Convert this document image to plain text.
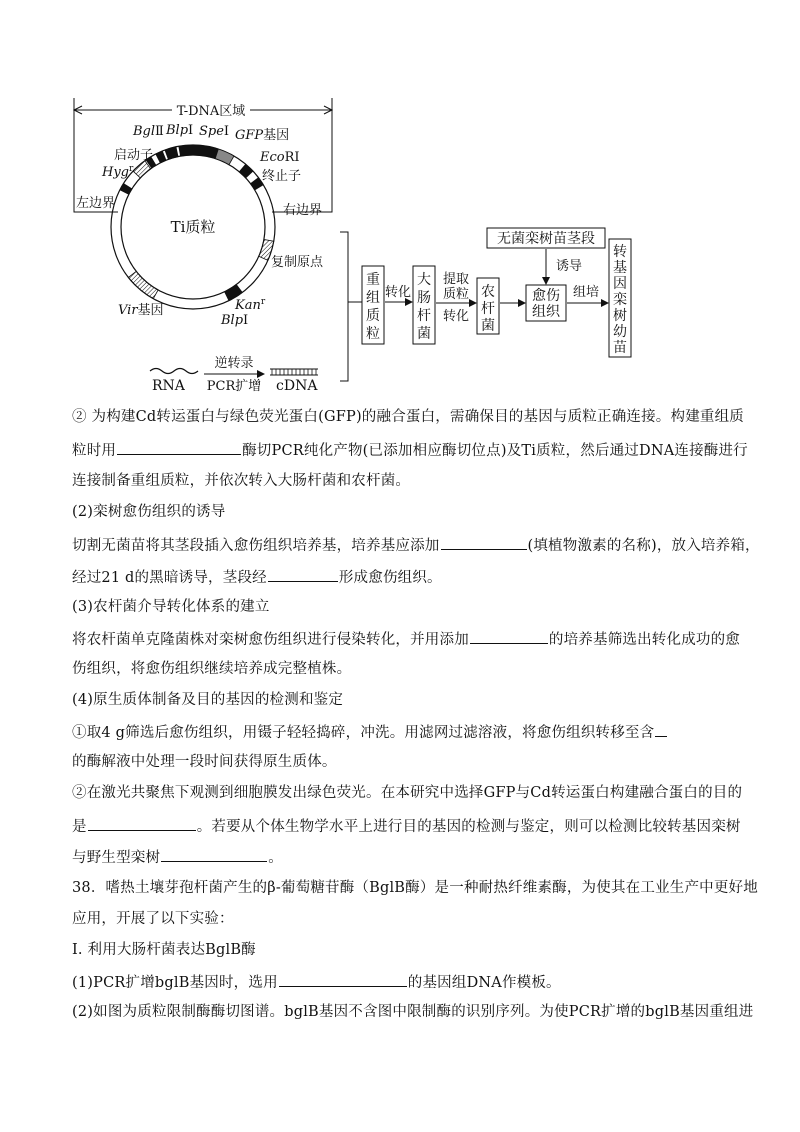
T-DNA区域
左边界	右边界
Ti质粒
BglⅡ BlpⅠ SpeⅠ GFP基因
启动子
Hyg$^r$
EcoRⅠ
终止子
复制原点
Kan$^r$
BlpⅠ
Vir基因
RNA
逆转录
PCR扩增 cDNA
重
组
质
粒
转化
大
肠
杆
菌
提取
质粒
转化
农
杆
菌
无菌栾树苗茎段
诱导
愈伤
组织
组培
转
基
因
栾
树
幼
苗
② 为构建Cd转运蛋白与绿色荧光蛋白(GFP)的融合蛋白，需确保目的基因与质粒正确连接。构建重组质
粒时用	酶切PCR纯化产物(已添加相应酶切位点)及Ti质粒，然后通过DNA连接酶进行
连接制备重组质粒，并依次转入大肠杆菌和农杆菌。
(2)栾树愈伤组织的诱导
切割无菌苗将其茎段插入愈伤组织培养基，培养基应添加	(填植物激素的名称)，放入培养箱，
经过21 d的黑暗诱导，茎段经	形成愈伤组织。
(3)农杆菌介导转化体系的建立
将农杆菌单克隆菌株对栾树愈伤组织进行侵染转化，并用添加	的培养基筛选出转化成功的愈
伤组织，将愈伤组织继续培养成完整植株。
(4)原生质体制备及目的基因的检测和鉴定
①取4 g筛选后愈伤组织，用镊子轻轻捣碎，冲洗。用滤网过滤溶液，将愈伤组织转移至含
的酶解液中处理一段时间获得原生质体。
②在激光共聚焦下观测到细胞膜发出绿色荧光。在本研究中选择GFP与Cd转运蛋白构建融合蛋白的目的
是	。若要从个体生物学水平上进行目的基因的检测与鉴定，则可以检测比较转基因栾树
与野生型栾树	。
38．嗜热土壤芽孢杆菌产生的β-葡萄糖苷酶（BglB酶）是一种耐热纤维素酶，为使其在工业生产中更好地
应用，开展了以下实验：
Ⅰ. 利用大肠杆菌表达BglB酶
(1)PCR扩增bglB基因时，选用	的基因组DNA作模板。
(2)如图为质粒限制酶酶切图谱。bglB基因不含图中限制酶的识别序列。为使PCR扩增的bglB基因重组进
